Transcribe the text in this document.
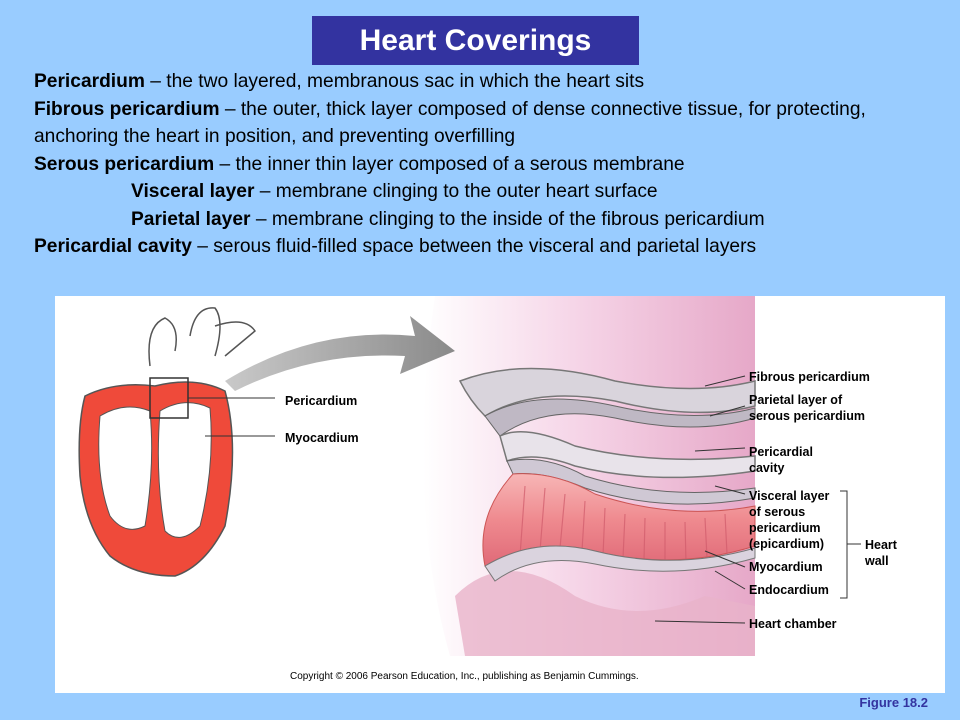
Heart Coverings

Pericardium – the two layered, membranous sac in which the heart sits

Fibrous pericardium – the outer, thick layer composed of dense connective tissue, for protecting, anchoring the heart in position, and preventing overfilling

Serous pericardium – the inner thin layer composed of a serous membrane

Visceral layer – membrane clinging to the outer heart surface

Parietal layer – membrane clinging to the inside of the fibrous pericardium

Pericardial cavity – serous fluid-filled space between the visceral and parietal layers

Pericardium
Myocardium
Fibrous pericardium
Parietal layer of
serous pericardium
Pericardial
cavity
Visceral layer
of serous
pericardium
(epicardium)
Myocardium
Endocardium
Heart chamber
Heart
wall
Copyright © 2006 Pearson Education, Inc., publishing as Benjamin Cummings.
Figure 18.2
